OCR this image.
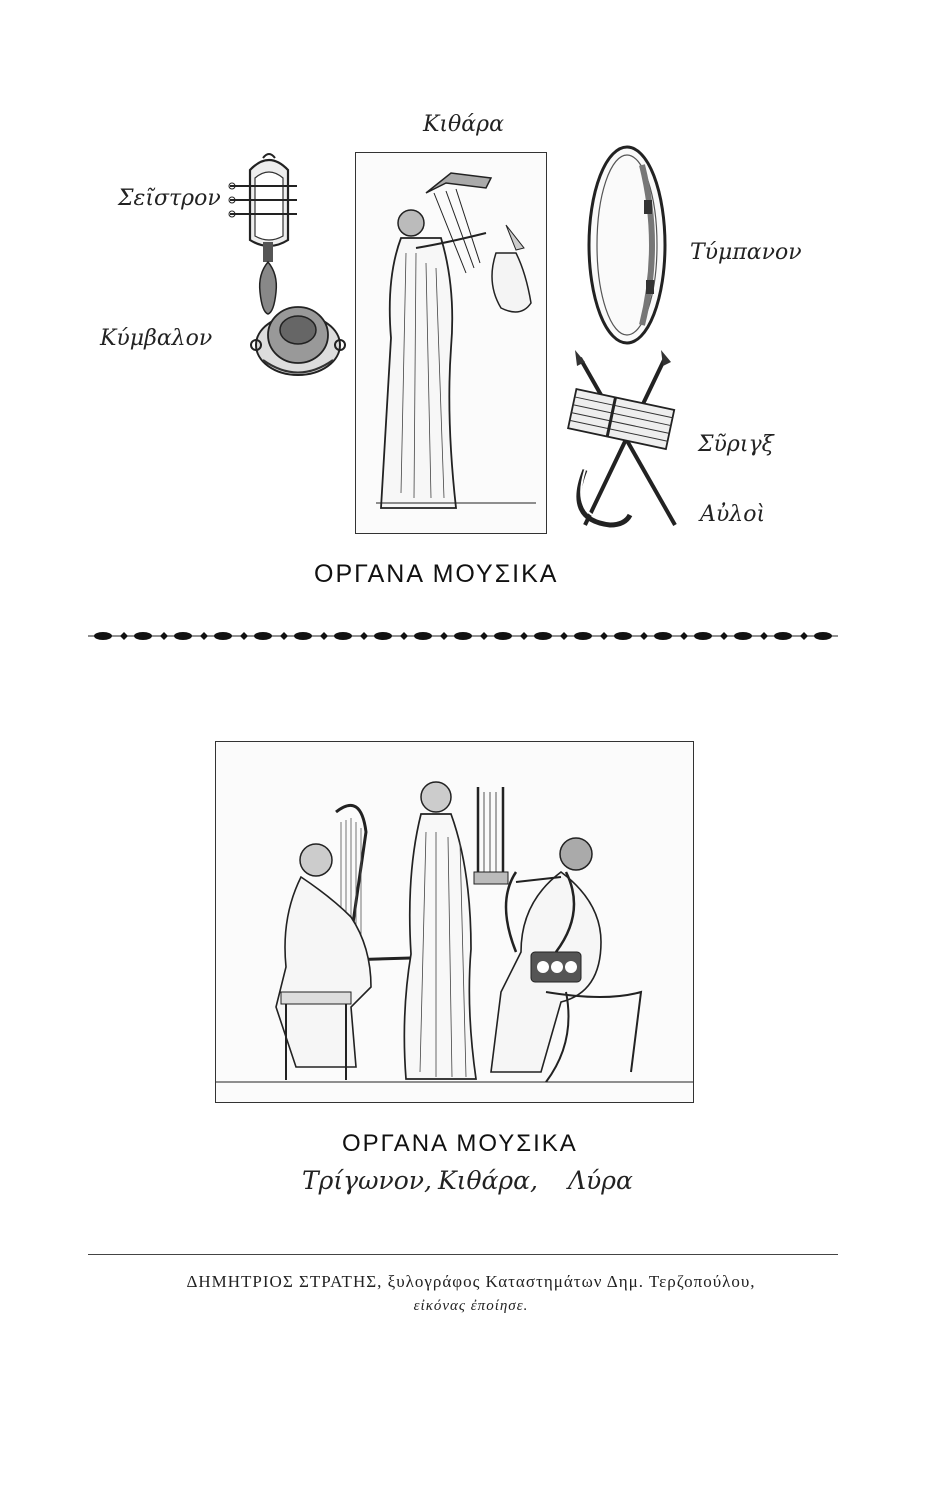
Κιθάρα
Σεῖστρον
Κύμβαλον
Τύμπανον
Σῦριγξ
Αὐλοὶ
ΟΡΓΑΝΑ ΜΟΥΣΙΚΑ
ΟΡΓΑΝΑ ΜΟΥΣΙΚΑ
Τρίγωνον, Κιθάρα, Λύρα
ΔΗΜΗΤΡΙΟΣ ΣΤΡΑΤΗΣ, ξυλογράφος Καταστημάτων Δημ. Τερζοπούλου,
εἰκόνας ἐποίησε.
